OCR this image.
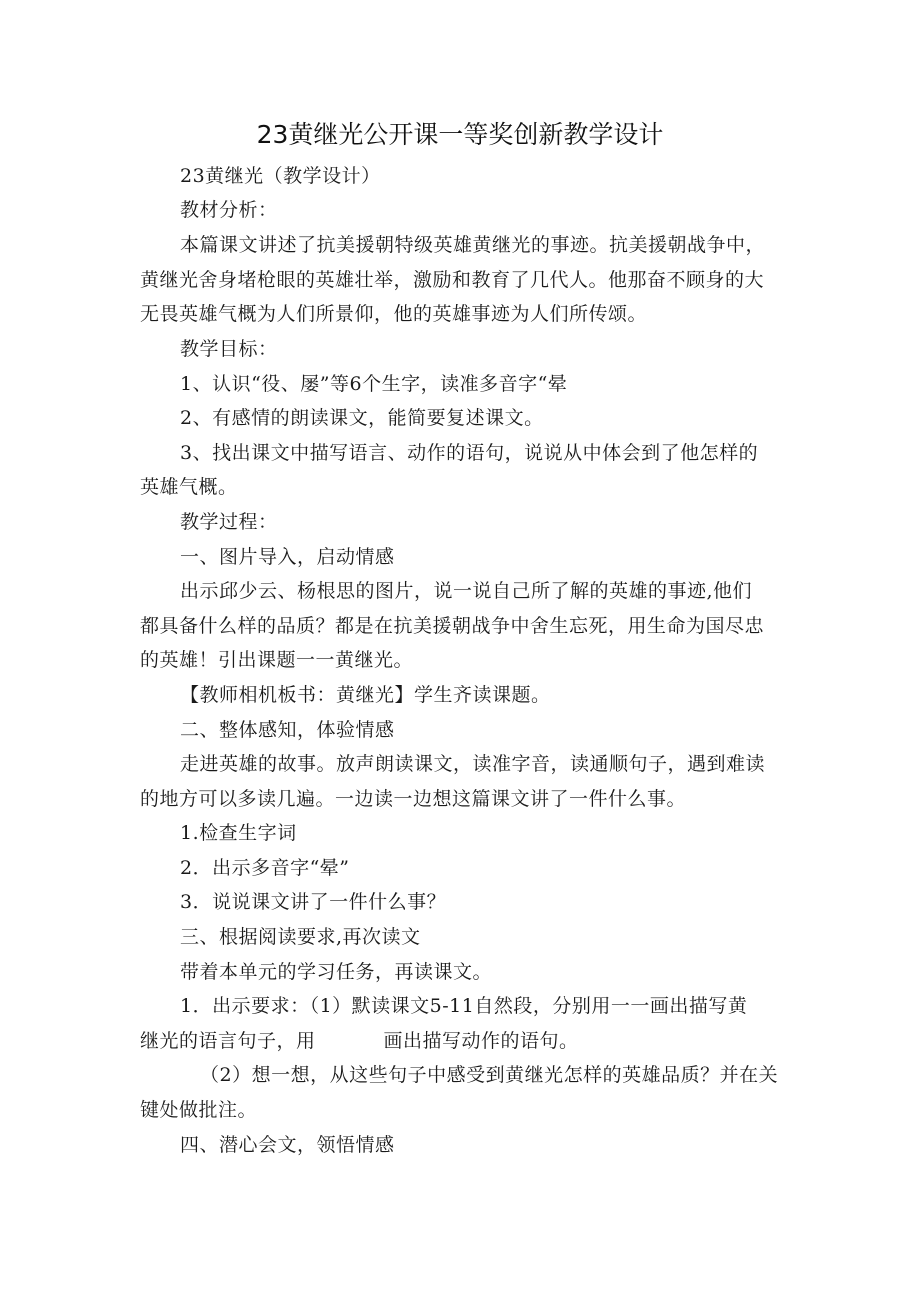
23黄继光公开课一等奖创新教学设计
23黄继光（教学设计）
教材分析：
本篇课文讲述了抗美援朝特级英雄黄继光的事迹。抗美援朝战争中，
黄继光舍身堵枪眼的英雄壮举，激励和教育了几代人。他那奋不顾身的大
无畏英雄气概为人们所景仰，他的英雄事迹为人们所传颂。
教学目标：
1、认识“役、屡”等6个生字，读准多音字“晕
2、有感情的朗读课文，能简要复述课文。
3、找出课文中描写语言、动作的语句，说说从中体会到了他怎样的
英雄气概。
教学过程：
一、图片导入，启动情感
出示邱少云、杨根思的图片，说一说自己所了解的英雄的事迹,他们
都具备什么样的品质？都是在抗美援朝战争中舍生忘死，用生命为国尽忠
的英雄！引出课题一一黄继光。
【教师相机板书：黄继光】学生齐读课题。
二、整体感知，体验情感
走进英雄的故事。放声朗读课文，读准字音，读通顺句子，遇到难读
的地方可以多读几遍。一边读一边想这篇课文讲了一件什么事。
1.检查生字词
2．出示多音字“晕”
3．说说课文讲了一件什么事？
三、根据阅读要求,再次读文
带着本单元的学习任务，再读课文。
1．出示要求：（1）默读课文5-11自然段，分别用一一画出描写黄
继光的语言句子，用	画出描写动作的语句。
（2）想一想，从这些句子中感受到黄继光怎样的英雄品质？并在关
键处做批注。
四、潜心会文，领悟情感
